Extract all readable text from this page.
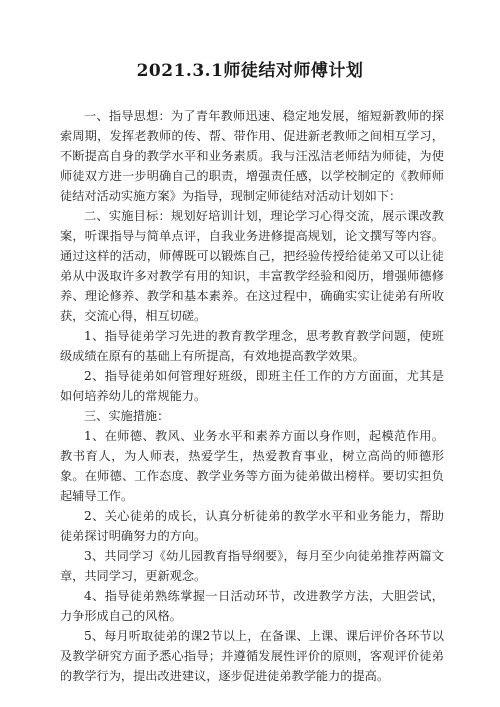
2021.3.1师徒结对师傅计划

一、指导思想：为了青年教师迅速、稳定地发展，缩短新教师的探索周期，发挥老教师的传、帮、带作用、促进新老教师之间相互学习，不断提高自身的教学水平和业务素质。我与汪泓洁老师结为师徒，为使师徒双方进一步明确自己的职责，增强责任感，以学校制定的《教师师徒结对活动实施方案》为指导，现制定师徒结对活动计划如下：

二、实施目标：规划好培训计划，理论学习心得交流，展示课改教案，听课指导与简单点评，自我业务进修提高规划，论文撰写等内容。通过这样的活动，师傅既可以锻炼自己，把经验传授给徒弟又可以让徒弟从中汲取许多对教学有用的知识，丰富教学经验和阅历，增强师德修养、理论修养、教学和基本素养。在这过程中，确确实实让徒弟有所收获，交流心得，相互切磋。

1、指导徒弟学习先进的教育教学理念，思考教育教学问题，使班级成绩在原有的基础上有所提高，有效地提高教学效果。

2、指导徒弟如何管理好班级，即班主任工作的方方面面，尤其是如何培养幼儿的常规能力。

三、实施措施：

1、在师德、教风、业务水平和素养方面以身作则，起模范作用。教书育人，为人师表，热爱学生，热爱教育事业，树立高尚的师德形象。在师德、工作态度、教学业务等方面为徒弟做出榜样。要切实担负起辅导工作。

2、关心徒弟的成长，认真分析徒弟的教学水平和业务能力，帮助徒弟探讨明确努力的方向。

3、共同学习《幼儿园教育指导纲要》，每月至少向徒弟推荐两篇文章，共同学习，更新观念。

4、指导徒弟熟练掌握一日活动环节，改进教学方法，大胆尝试，力争形成自己的风格。

5、每月听取徒弟的课2节以上，在备课、上课、课后评价各环节以及教学研究方面予悉心指导；并遵循发展性评价的原则，客观评价徒弟的教学行为，提出改进建议，逐步促进徒弟教学能力的提高。
